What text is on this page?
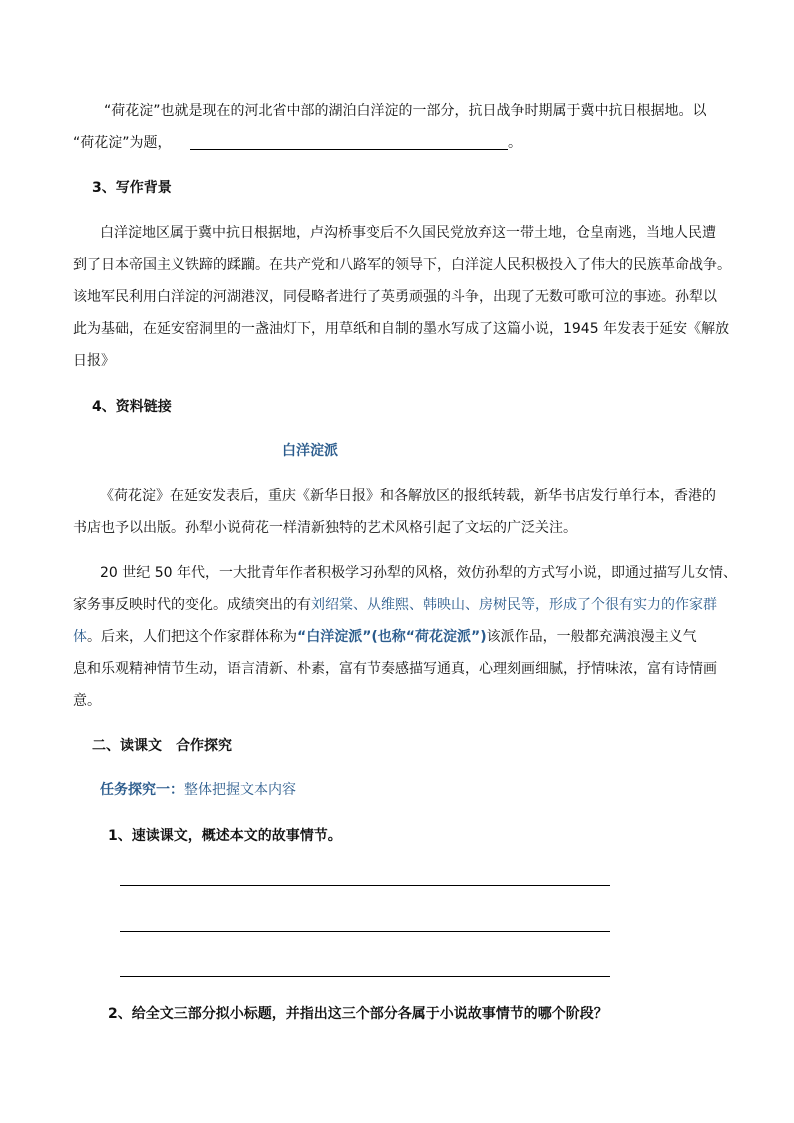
“荷花淀”也就是现在的河北省中部的湖泊白洋淀的一部分，抗日战争时期属于冀中抗日根据地。以
“荷花淀”为题，	。
3、写作背景
白洋淀地区属于冀中抗日根据地，卢沟桥事变后不久国民党放弃这一带土地，仓皇南逃，当地人民遭
到了日本帝国主义铁蹄的蹂躏。在共产党和八路军的领导下，白洋淀人民积极投入了伟大的民族革命战争。
该地军民利用白洋淀的河湖港汊，同侵略者进行了英勇顽强的斗争，出现了无数可歌可泣的事迹。孙犁以
此为基础，在延安窑洞里的一盏油灯下，用草纸和自制的墨水写成了这篇小说，1945 年发表于延安《解放
日报》
4、资料链接
白洋淀派
《荷花淀》在延安发表后，重庆《新华日报》和各解放区的报纸转载，新华书店发行单行本，香港的
书店也予以出版。孙犁小说荷花一样清新独特的艺术风格引起了文坛的广泛关注。
20 世纪 50 年代，一大批青年作者积极学习孙犁的风格，效仿孙犁的方式写小说，即通过描写儿女情、
家务事反映时代的变化。成绩突出的有刘绍棠、从维熙、韩映山、房树民等，形成了个很有实力的作家群
体。后来，人们把这个作家群体称为“白洋淀派”(也称“荷花淀派”)该派作品，一般都充满浪漫主义气
息和乐观精神情节生动，语言清新、朴素，富有节奏感描写通真，心理刻画细腻，抒情味浓，富有诗情画
意。
二、读课文　合作探究
任务探究一：整体把握文本内容
1、速读课文，概述本文的故事情节。
2、给全文三部分拟小标题，并指出这三个部分各属于小说故事情节的哪个阶段？
